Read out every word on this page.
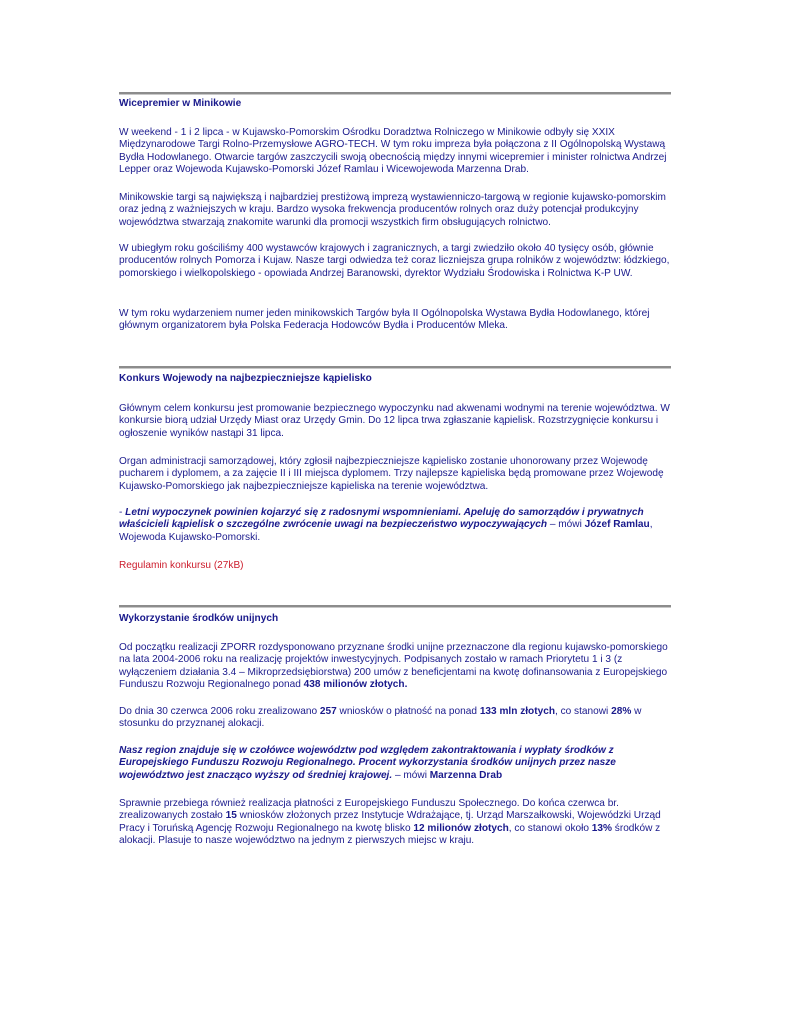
Wicepremier w Minikowie

W weekend - 1 i 2 lipca - w Kujawsko-Pomorskim Ośrodku Doradztwa Rolniczego w Minikowie odbyły się XXIX Międzynarodowe Targi Rolno-Przemysłowe AGRO-TECH. W tym roku impreza była połączona z II Ogólnopolską Wystawą Bydła Hodowlanego. Otwarcie targów zaszczycili swoją obecnością między innymi wicepremier i minister rolnictwa Andrzej Lepper oraz Wojewoda Kujawsko-Pomorski Józef Ramlau i Wicewojewoda Marzenna Drab.

Minikowskie targi są największą i najbardziej prestiżową imprezą wystawienniczo-targową w regionie kujawsko-pomorskim oraz jedną z ważniejszych w kraju. Bardzo wysoka frekwencja producentów rolnych oraz duży potencjał produkcyjny województwa stwarzają znakomite warunki dla promocji wszystkich firm obsługujących rolnictwo.

W ubiegłym roku gościliśmy 400 wystawców krajowych i zagranicznych, a targi zwiedziło około 40 tysięcy osób, głównie producentów rolnych Pomorza i Kujaw. Nasze targi odwiedza też coraz liczniejsza grupa rolników z województw: łódzkiego, pomorskiego i wielkopolskiego - opowiada Andrzej Baranowski, dyrektor Wydziału Środowiska i Rolnictwa K-P UW.

W tym roku wydarzeniem numer jeden minikowskich Targów była II Ogólnopolska Wystawa Bydła Hodowlanego, której głównym organizatorem była Polska Federacja Hodowców Bydła i Producentów Mleka.

Konkurs Wojewody na najbezpieczniejsze kąpielisko

Głównym celem konkursu jest promowanie bezpiecznego wypoczynku nad akwenami wodnymi na terenie województwa. W konkursie biorą udział Urzędy Miast oraz Urzędy Gmin. Do 12 lipca trwa zgłaszanie kąpielisk. Rozstrzygnięcie konkursu i ogłoszenie wyników nastąpi 31 lipca.

Organ administracji samorządowej, który zgłosił najbezpieczniejsze kąpielisko zostanie uhonorowany przez Wojewodę pucharem i dyplomem, a za zajęcie II i III miejsca dyplomem. Trzy najlepsze kąpieliska będą promowane przez Wojewodę Kujawsko-Pomorskiego jak najbezpieczniejsze kąpieliska na terenie województwa.

- Letni wypoczynek powinien kojarzyć się z radosnymi wspomnieniami. Apeluję do samorządów i prywatnych właścicieli kąpielisk o szczególne zwrócenie uwagi na bezpieczeństwo wypoczywających – mówi Józef Ramlau, Wojewoda Kujawsko-Pomorski.

Regulamin konkursu (27kB)

Wykorzystanie środków unijnych

Od początku realizacji ZPORR rozdysponowano przyznane środki unijne przeznaczone dla regionu kujawsko-pomorskiego na lata 2004-2006 roku na realizację projektów inwestycyjnych. Podpisanych zostało w ramach Priorytetu 1 i 3 (z wyłączeniem działania 3.4 – Mikroprzedsiębiorstwa) 200 umów z beneficjentami na kwotę dofinansowania z Europejskiego Funduszu Rozwoju Regionalnego ponad 438 milionów złotych.

Do dnia 30 czerwca 2006 roku zrealizowano 257 wniosków o płatność na ponad 133 mln złotych, co stanowi 28% w stosunku do przyznanej alokacji.

Nasz region znajduje się w czołówce województw pod względem zakontraktowania i wypłaty środków z Europejskiego Funduszu Rozwoju Regionalnego. Procent wykorzystania środków unijnych przez nasze województwo jest znacząco wyższy od średniej krajowej. – mówi Marzenna Drab

Sprawnie przebiega również realizacja płatności z Europejskiego Funduszu Społecznego. Do końca czerwca br. zrealizowanych zostało 15 wniosków złożonych przez Instytucje Wdrażające, tj. Urząd Marszałkowski, Wojewódzki Urząd Pracy i Toruńską Agencję Rozwoju Regionalnego na kwotę blisko 12 milionów złotych, co stanowi około 13% środków z alokacji. Plasuje to nasze województwo na jednym z pierwszych miejsc w kraju.
